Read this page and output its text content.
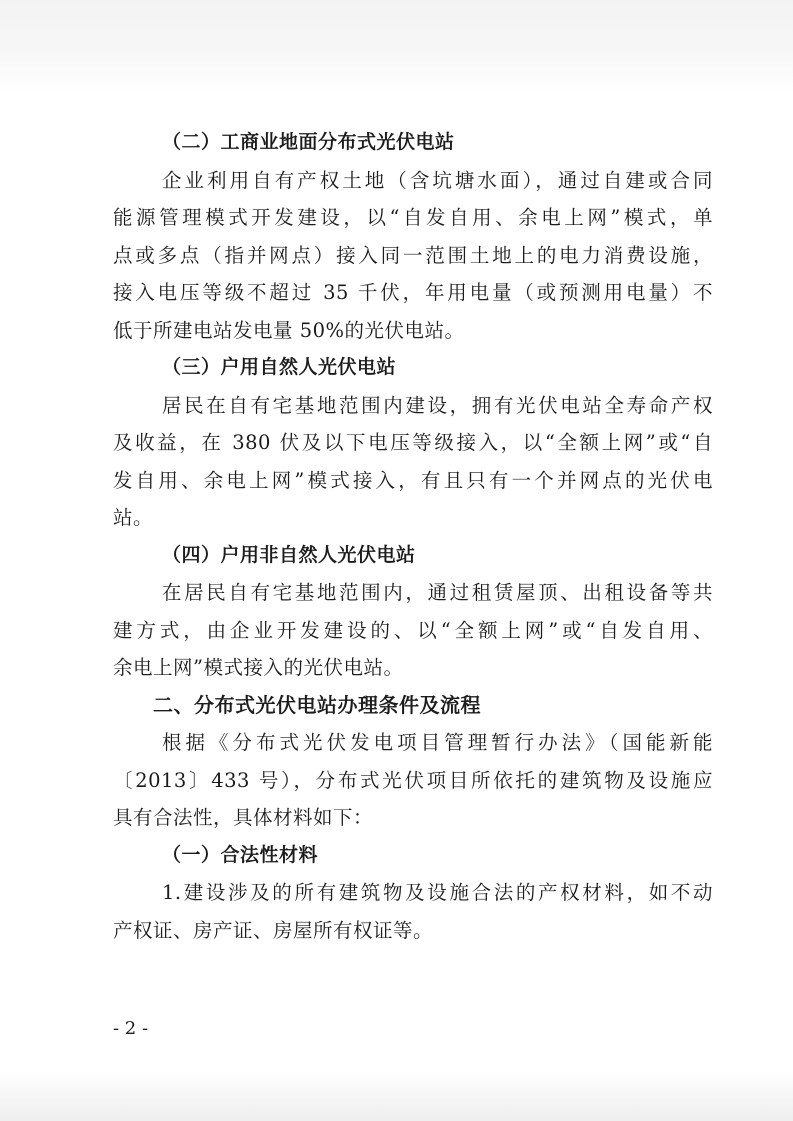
（二）工商业地面分布式光伏电站
企业利用自有产权土地（含坑塘水面），通过自建或合同
能源管理模式开发建设，以“自发自用、余电上网”模式，单
点或多点（指并网点）接入同一范围土地上的电力消费设施，
接入电压等级不超过 35 千伏，年用电量（或预测用电量）不
低于所建电站发电量 50%的光伏电站。
（三）户用自然人光伏电站
居民在自有宅基地范围内建设，拥有光伏电站全寿命产权
及收益，在 380 伏及以下电压等级接入，以“全额上网”或“自
发自用、余电上网”模式接入，有且只有一个并网点的光伏电
站。
（四）户用非自然人光伏电站
在居民自有宅基地范围内，通过租赁屋顶、出租设备等共
建方式，由企业开发建设的、以“全额上网”或“自发自用、
余电上网”模式接入的光伏电站。
二、分布式光伏电站办理条件及流程
根据《分布式光伏发电项目管理暂行办法》（国能新能
〔2013〕433 号），分布式光伏项目所依托的建筑物及设施应
具有合法性，具体材料如下：
（一）合法性材料
1.建设涉及的所有建筑物及设施合法的产权材料，如不动
产权证、房产证、房屋所有权证等。
- 2 -
